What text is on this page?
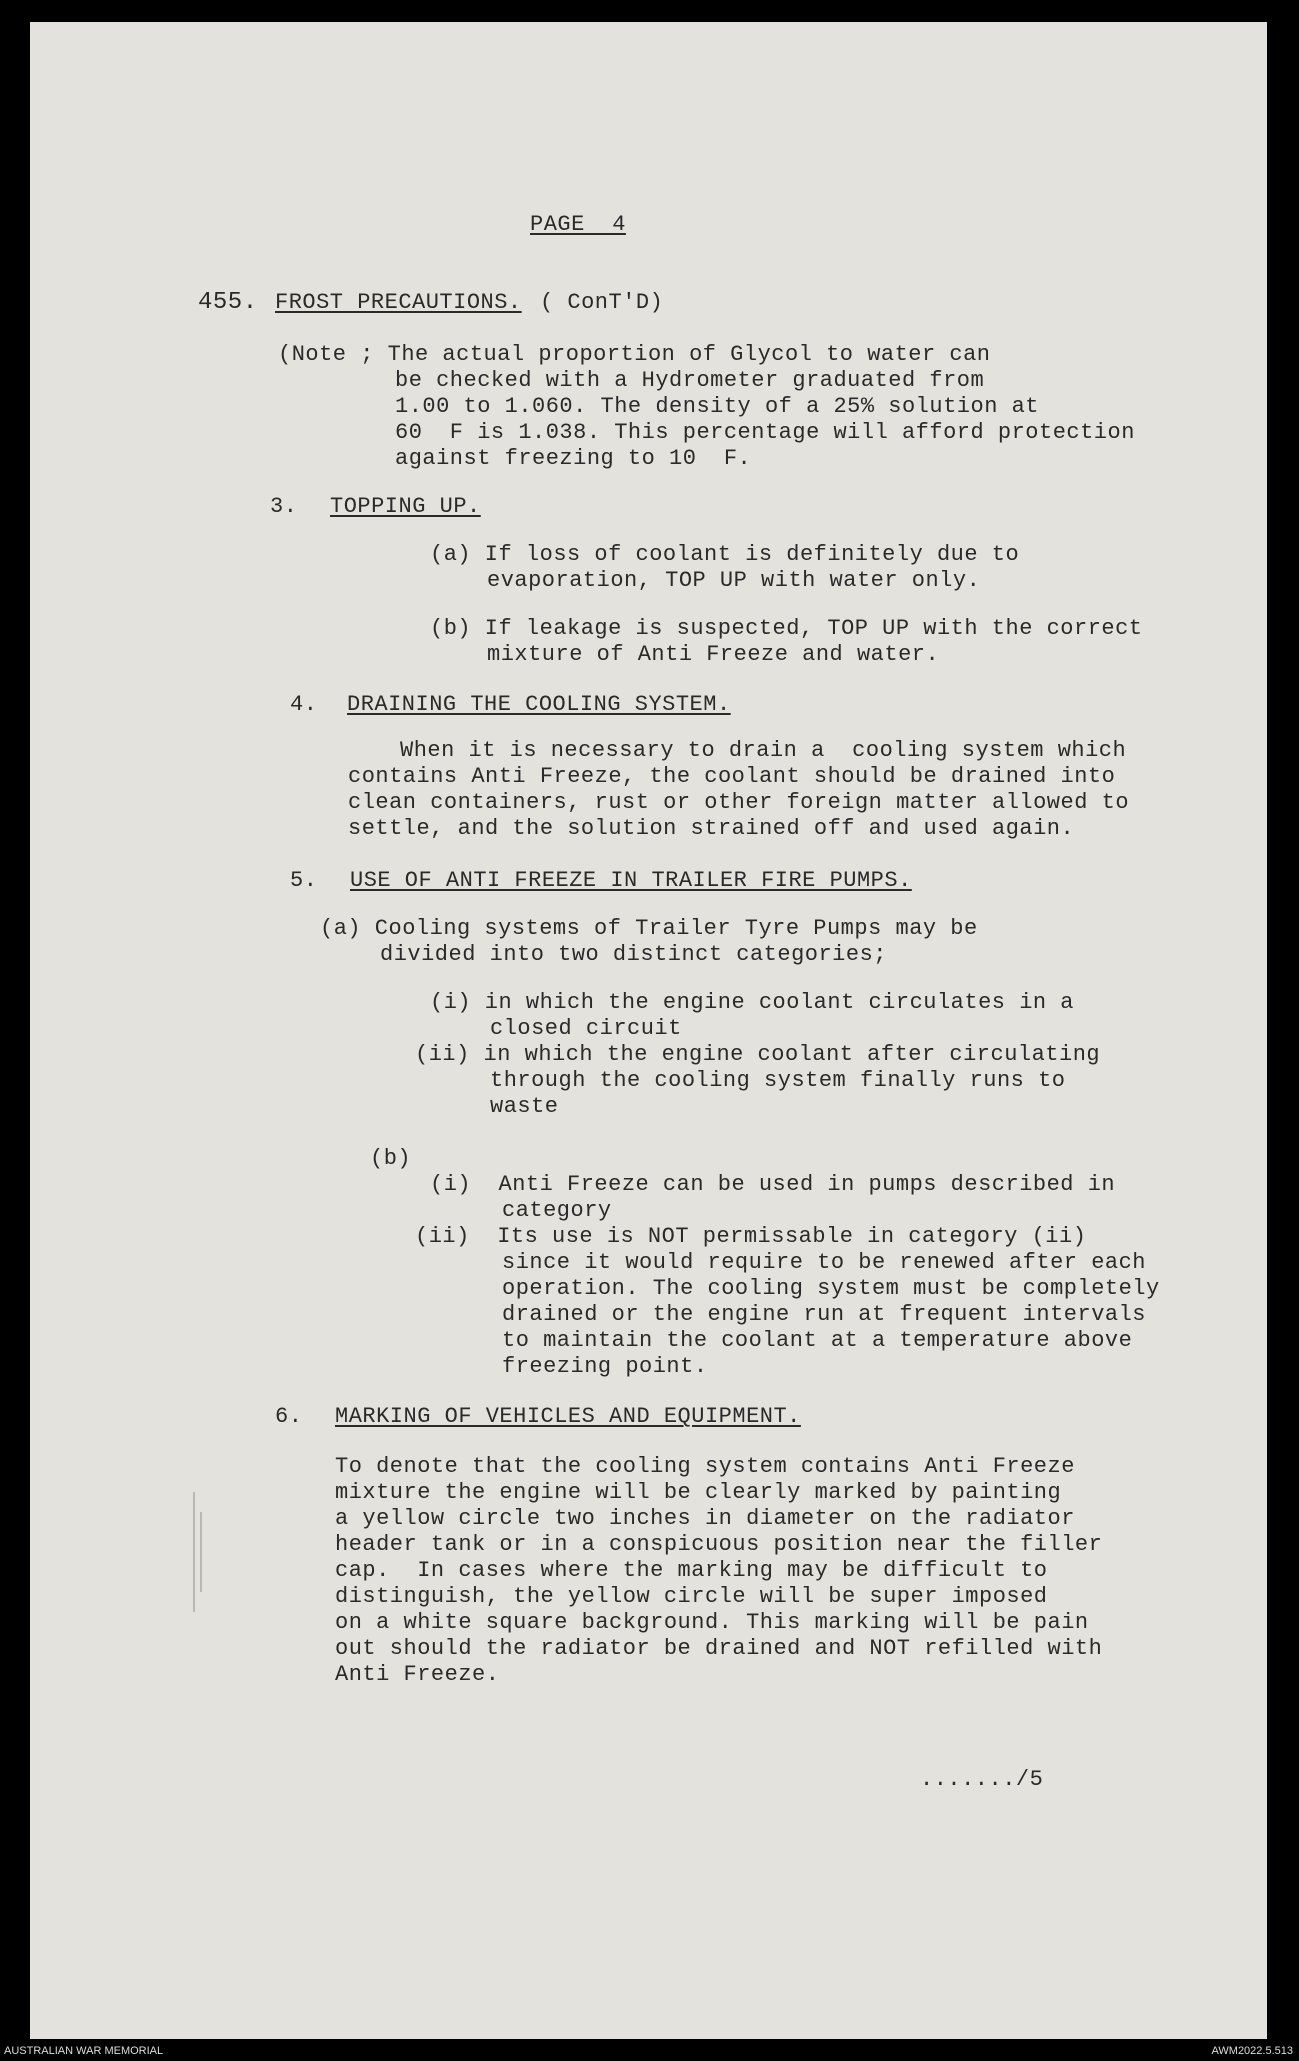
PAGE  4
455. FROST PRECAUTIONS. ( ConT'D)
(Note ; The actual proportion of Glycol to water can
be checked with a Hydrometer graduated from
1.00 to 1.060. The density of a 25% solution at
60  F is 1.038. This percentage will afford protection
against freezing to 10  F.
3. TOPPING UP.
(a) If loss of coolant is definitely due to
evaporation, TOP UP with water only.
(b) If leakage is suspected, TOP UP with the correct
mixture of Anti Freeze and water.
4. DRAINING THE COOLING SYSTEM.
When it is necessary to drain a  cooling system which
contains Anti Freeze, the coolant should be drained into
clean containers, rust or other foreign matter allowed to
settle, and the solution strained off and used again.
5. USE OF ANTI FREEZE IN TRAILER FIRE PUMPS.
(a) Cooling systems of Trailer Tyre Pumps may be
divided into two distinct categories;
(i) in which the engine coolant circulates in a
closed circuit
(ii) in which the engine coolant after circulating
through the cooling system finally runs to
waste
(b)
(i)  Anti Freeze can be used in pumps described in
category
(ii)  Its use is NOT permissable in category (ii)
since it would require to be renewed after each
operation. The cooling system must be completely
drained or the engine run at frequent intervals
to maintain the coolant at a temperature above
freezing point.
6. MARKING OF VEHICLES AND EQUIPMENT.
To denote that the cooling system contains Anti Freeze
mixture the engine will be clearly marked by painting
a yellow circle two inches in diameter on the radiator
header tank or in a conspicuous position near the filler
cap.  In cases where the marking may be difficult to
distinguish, the yellow circle will be super imposed
on a white square background. This marking will be pain
out should the radiator be drained and NOT refilled with
Anti Freeze.
......./5
AUSTRALIAN WAR MEMORIAL	AWM2022.5.513
